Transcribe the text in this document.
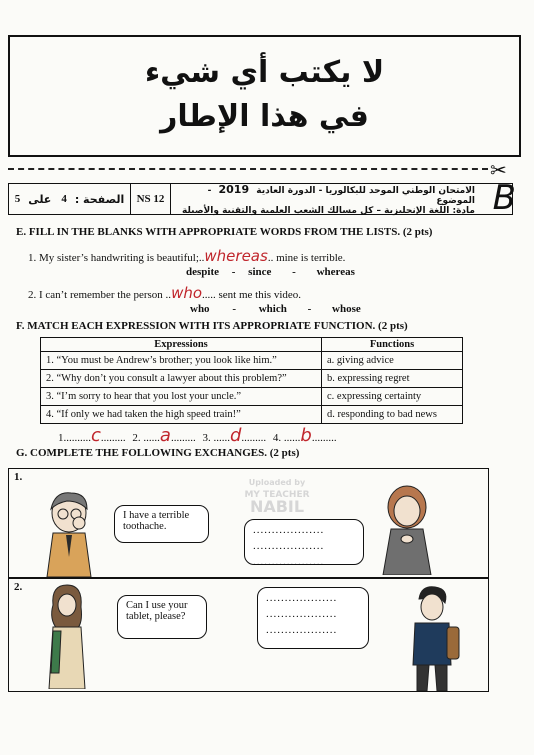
لا يكتب أي شيء
في هذا الإطار
✂
5 على 4 الصفحة :	NS 12
الامتحان الوطني الموحد للبكالوريا - الدورة العادية 2019 - الموضوع
مادة: اللغة الإنجليزية – كل مسالك الشعب العلمية والتقنية والأصيلة B
E. FILL IN THE BLANKS WITH APPROPRIATE WORDS FROM THE LISTS. (2 pts)
1. My sister’s handwriting is beautiful;..whereas.. mine is terrible.
despite - since - whereas
2. I can’t remember the person ..who..... sent me this video.
who - which - whose
F. MATCH EACH EXPRESSION WITH ITS APPROPRIATE FUNCTION. (2 pts)
Expressions	Functions
1. “You must be Andrew’s brother; you look like him.”	a. giving advice
2. “Why don’t you consult a lawyer about this problem?”	b. expressing regret
3. “I’m sorry to hear that you lost your uncle.”	c. expressing certainty
4. “If only we had taken the high speed train!”	d. responding to bad news
1..........c......... 2. ......a......... 3. ......d......... 4. ......b.........
G. COMPLETE THE FOLLOWING EXCHANGES. (2 pts)
1.
I have a terrible toothache.
Uploaded by
MY TEACHER
NABIL
...................
...................
...................
2.
Can I use your tablet, please?
...................
...................
...................
